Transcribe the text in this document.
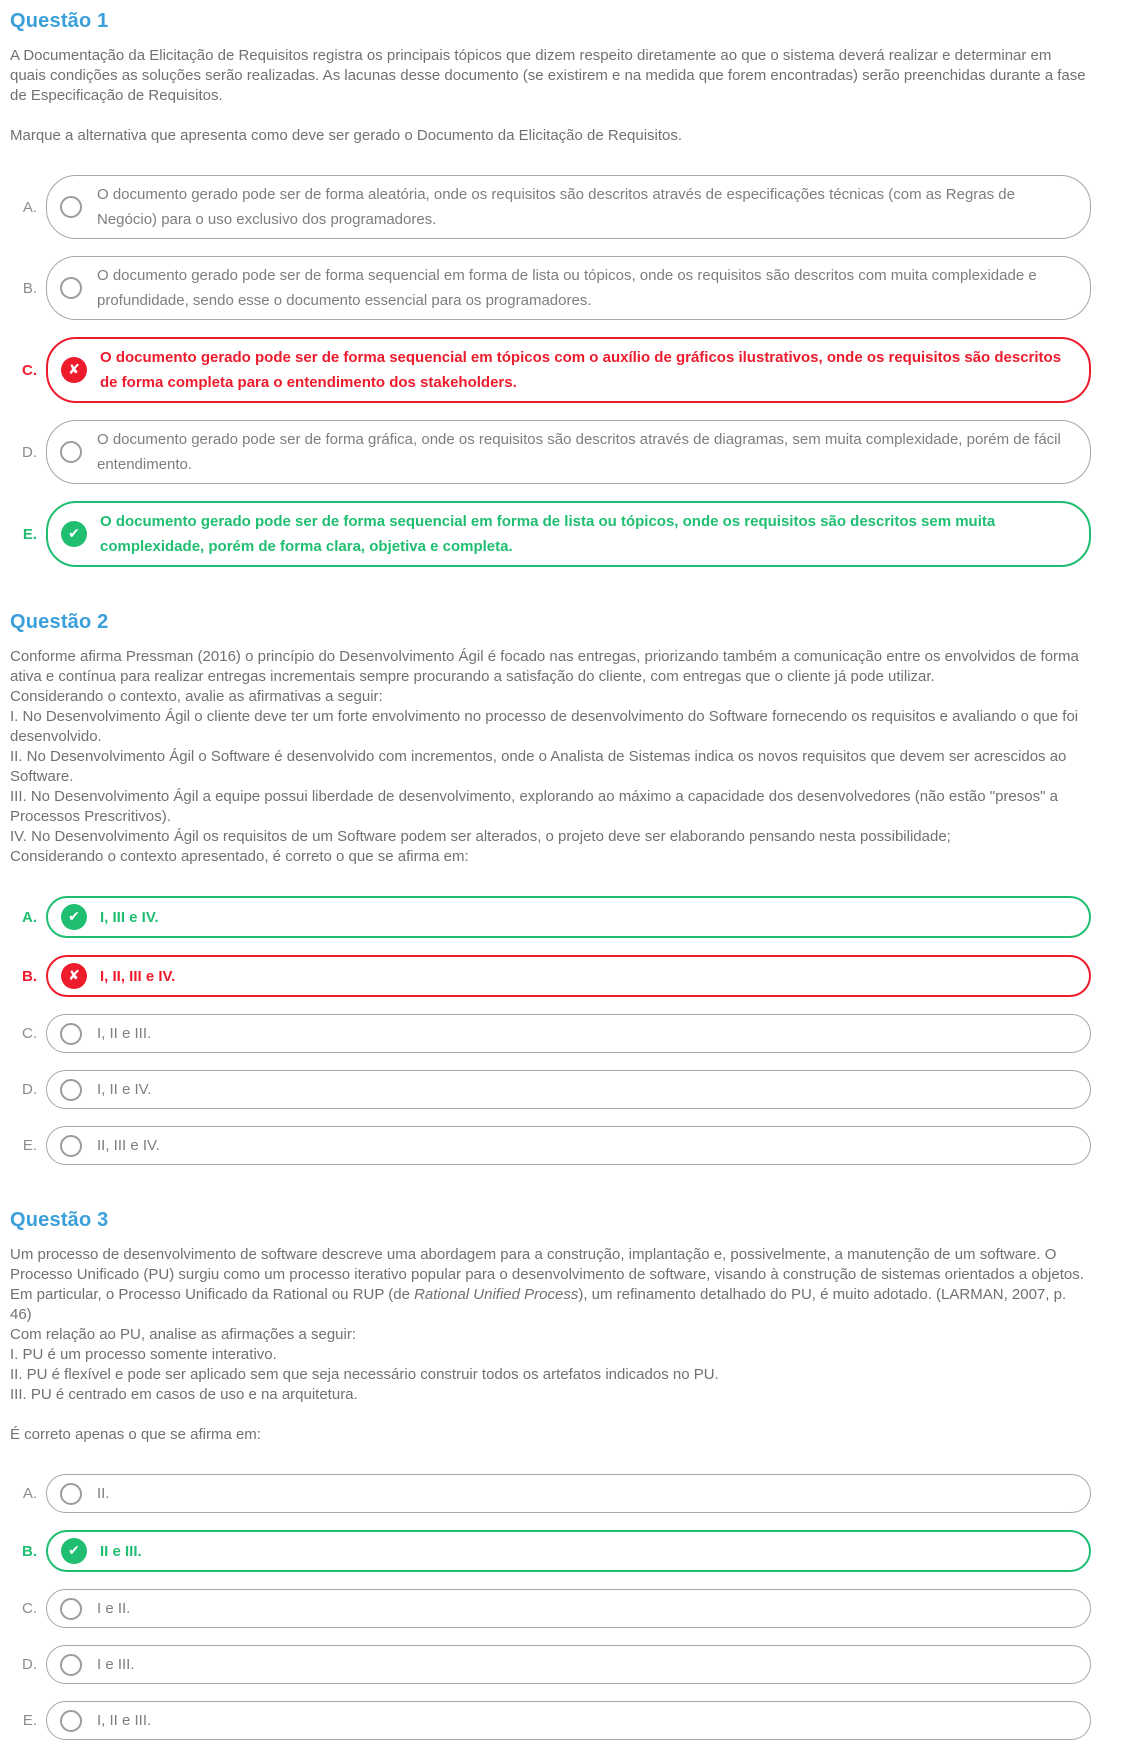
Questão 1

A Documentação da Elicitação de Requisitos registra os principais tópicos que dizem respeito diretamente ao que o sistema deverá realizar e determinar em quais condições as soluções serão realizadas. As lacunas desse documento (se existirem e na medida que forem encontradas) serão preenchidas durante a fase de Especificação de Requisitos.

Marque a alternativa que apresenta como deve ser gerado o Documento da Elicitação de Requisitos.

A.
O documento gerado pode ser de forma aleatória, onde os requisitos são descritos através de especificações técnicas (com as Regras de Negócio) para o uso exclusivo dos programadores.
B.
O documento gerado pode ser de forma sequencial em forma de lista ou tópicos, onde os requisitos são descritos com muita complexidade e profundidade, sendo esse o documento essencial para os programadores.
C.	✘
O documento gerado pode ser de forma sequencial em tópicos com o auxílio de gráficos ilustrativos, onde os requisitos são descritos de forma completa para o entendimento dos stakeholders.
D.
O documento gerado pode ser de forma gráfica, onde os requisitos são descritos através de diagramas, sem muita complexidade, porém de fácil entendimento.
E.	✔
O documento gerado pode ser de forma sequencial em forma de lista ou tópicos, onde os requisitos são descritos sem muita complexidade, porém de forma clara, objetiva e completa.
Questão 2

Conforme afirma Pressman (2016) o princípio do Desenvolvimento Ágil é focado nas entregas, priorizando também a comunicação entre os envolvidos de forma ativa e contínua para realizar entregas incrementais sempre procurando a satisfação do cliente, com entregas que o cliente já pode utilizar.

Considerando o contexto, avalie as afirmativas a seguir:

I. No Desenvolvimento Ágil o cliente deve ter um forte envolvimento no processo de desenvolvimento do Software fornecendo os requisitos e avaliando o que foi desenvolvido.

II. No Desenvolvimento Ágil o Software é desenvolvido com incrementos, onde o Analista de Sistemas indica os novos requisitos que devem ser acrescidos ao Software.

III. No Desenvolvimento Ágil a equipe possui liberdade de desenvolvimento, explorando ao máximo a capacidade dos desenvolvedores (não estão "presos" a Processos Prescritivos).

IV. No Desenvolvimento Ágil os requisitos de um Software podem ser alterados, o projeto deve ser elaborando pensando nesta possibilidade;

Considerando o contexto apresentado, é correto o que se afirma em:

A.	✔	I, III e IV.
B.	✘	I, II, III e IV.
C.	I, II e III.
D.	I, II e IV.
E.	II, III e IV.
Questão 3

Um processo de desenvolvimento de software descreve uma abordagem para a construção, implantação e, possivelmente, a manutenção de um software. O Processo Unificado (PU) surgiu como um processo iterativo popular para o desenvolvimento de software, visando à construção de sistemas orientados a objetos. Em particular, o Processo Unificado da Rational ou RUP (de Rational Unified Process), um refinamento detalhado do PU, é muito adotado. (LARMAN, 2007, p. 46)

Com relação ao PU, analise as afirmações a seguir:

I. PU é um processo somente interativo.

II. PU é flexível e pode ser aplicado sem que seja necessário construir todos os artefatos indicados no PU.

III. PU é centrado em casos de uso e na arquitetura.

É correto apenas o que se afirma em:

A.	II.
B.	✔	II e III.
C.	I e II.
D.	I e III.
E.	I, II e III.
